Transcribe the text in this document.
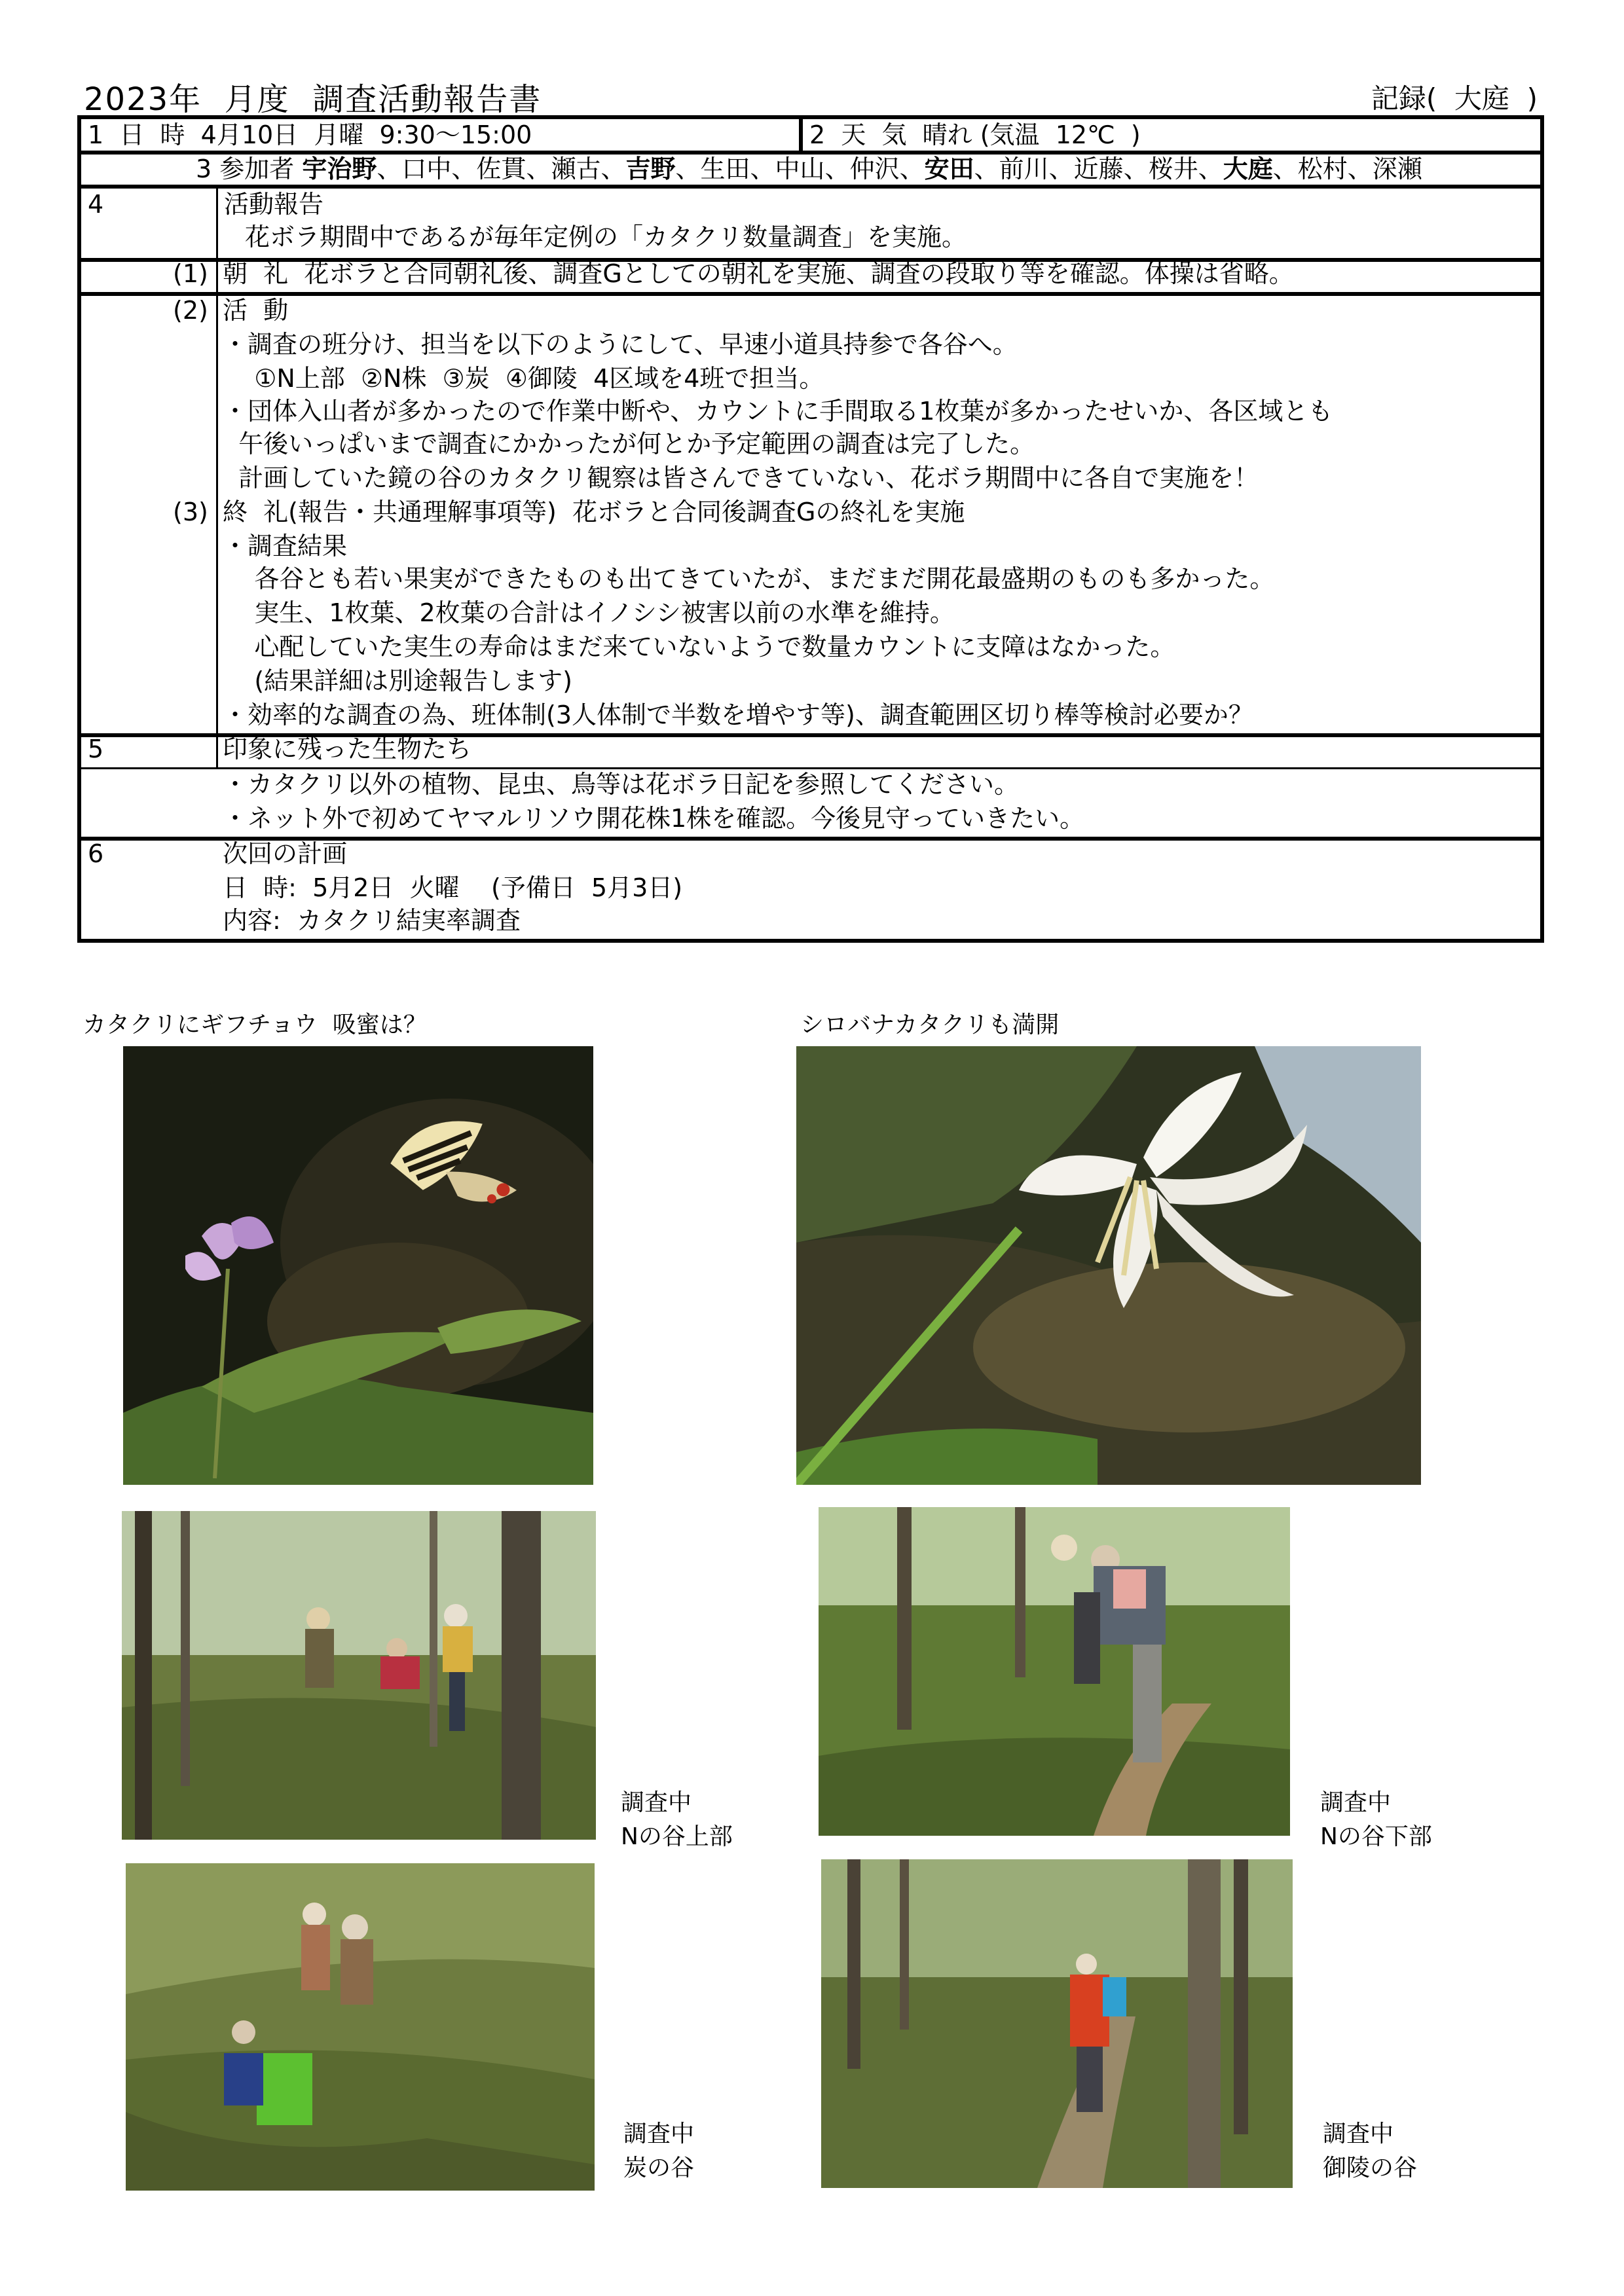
2023年  月度  調査活動報告書	記録(  大庭  )
1  日  時  4月10日  月曜  9:30～15:00	2  天  気  晴れ (気温  12℃  )
3 参加者 宇治野、口中、佐貫、瀬古、吉野、生田、中山、仲沢、安田、前川、近藤、桜井、大庭、松村、深瀬
4	活動報告
花ボラ期間中であるが毎年定例の「カタクリ数量調査」を実施。
(1) 朝  礼  花ボラと合同朝礼後、調査Gとしての朝礼を実施、調査の段取り等を確認。体操は省略。
(2) 活  動
・調査の班分け、担当を以下のようにして、早速小道具持参で各谷へ。
①N上部  ②N株  ③炭  ④御陵  4区域を4班で担当。
・団体入山者が多かったので作業中断や、カウントに手間取る1枚葉が多かったせいか、各区域とも
午後いっぱいまで調査にかかったが何とか予定範囲の調査は完了した。
計画していた鏡の谷のカタクリ観察は皆さんできていない、花ボラ期間中に各自で実施を！
(3) 終  礼(報告・共通理解事項等)  花ボラと合同後調査Gの終礼を実施
・調査結果
各谷とも若い果実ができたものも出てきていたが、まだまだ開花最盛期のものも多かった。
実生、1枚葉、2枚葉の合計はイノシシ被害以前の水準を維持。
心配していた実生の寿命はまだ来ていないようで数量カウントに支障はなかった。
(結果詳細は別途報告します)
・効率的な調査の為、班体制(3人体制で半数を増やす等)、調査範囲区切り棒等検討必要か？
5	印象に残った生物たち
・カタクリ以外の植物、昆虫、鳥等は花ボラ日記を参照してください。
・ネット外で初めてヤマルリソウ開花株1株を確認。今後見守っていきたい。
6	次回の計画
日  時:  5月2日  火曜    (予備日  5月3日)
内容:  カタクリ結実率調査
カタクリにギフチョウ  吸蜜は？	シロバナカタクリも満開
調査中
Nの谷上部
調査中
Nの谷下部
調査中
炭の谷
調査中
御陵の谷
